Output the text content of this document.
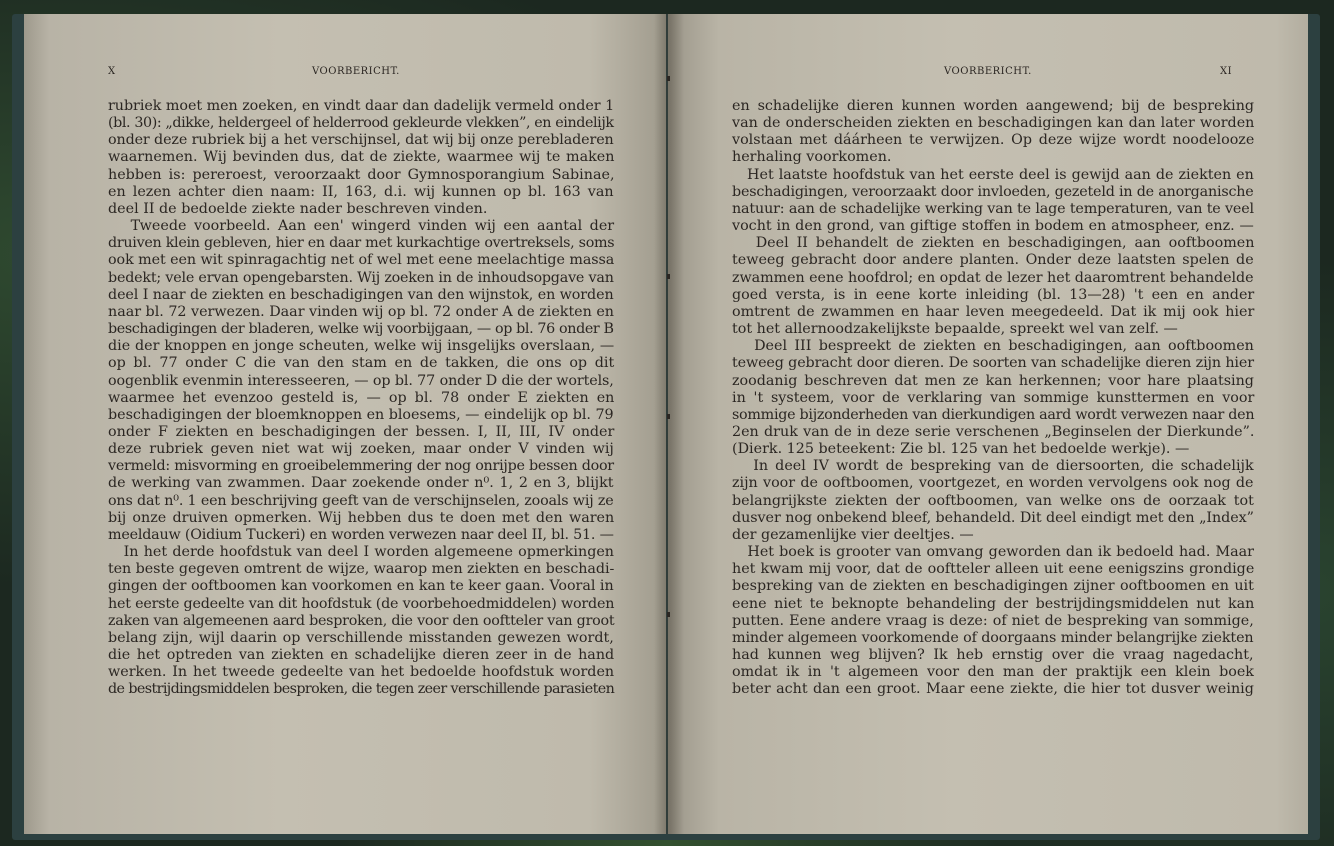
X	VOORBERICHT.
rubriek moet men zoeken, en vindt daar dan dadelijk vermeld onder 1
(bl. 30): „dikke, heldergeel of helderrood gekleurde vlekken”, en eindelijk
onder deze rubriek bij a het verschijnsel, dat wij bij onze perebladeren
waarnemen. Wij bevinden dus, dat de ziekte, waarmee wij te maken
hebben is: pereroest, veroorzaakt door Gymnosporangium Sabinae,
en lezen achter dien naam: II, 163, d.i. wij kunnen op bl. 163 van
deel II de bedoelde ziekte nader beschreven vinden.
Tweede voorbeeld. Aan een' wingerd vinden wij een aantal der
druiven klein gebleven, hier en daar met kurkachtige overtreksels, soms
ook met een wit spinragachtig net of wel met eene meelachtige massa
bedekt; vele ervan opengebarsten. Wij zoeken in de inhoudsopgave van
deel I naar de ziekten en beschadigingen van den wijnstok, en worden
naar bl. 72 verwezen. Daar vinden wij op bl. 72 onder A de ziekten en
beschadigingen der bladeren, welke wij voorbijgaan, — op bl. 76 onder B
die der knoppen en jonge scheuten, welke wij insgelijks overslaan, —
op bl. 77 onder C die van den stam en de takken, die ons op dit
oogenblik evenmin interesseeren, — op bl. 77 onder D die der wortels,
waarmee het evenzoo gesteld is, — op bl. 78 onder E ziekten en
beschadigingen der bloemknoppen en bloesems, — eindelijk op bl. 79
onder F ziekten en beschadigingen der bessen. I, II, III, IV onder
deze rubriek geven niet wat wij zoeken, maar onder V vinden wij
vermeld: misvorming en groeibelemmering der nog onrijpe bessen door
de werking van zwammen. Daar zoekende onder n⁰. 1, 2 en 3, blijkt
ons dat n⁰. 1 een beschrijving geeft van de verschijnselen, zooals wij ze
bij onze druiven opmerken. Wij hebben dus te doen met den waren
meeldauw (Oidium Tuckeri) en worden verwezen naar deel II, bl. 51. —
In het derde hoofdstuk van deel I worden algemeene opmerkingen
ten beste gegeven omtrent de wijze, waarop men ziekten en beschadi-
gingen der ooftboomen kan voorkomen en kan te keer gaan. Vooral in
het eerste gedeelte van dit hoofdstuk (de voorbehoedmiddelen) worden
zaken van algemeenen aard besproken, die voor den ooftteler van groot
belang zijn, wijl daarin op verschillende misstanden gewezen wordt,
die het optreden van ziekten en schadelijke dieren zeer in de hand
werken. In het tweede gedeelte van het bedoelde hoofdstuk worden
de bestrijdingsmiddelen besproken, die tegen zeer verschillende parasieten
VOORBERICHT.	XI
en schadelijke dieren kunnen worden aangewend; bij de bespreking
van de onderscheiden ziekten en beschadigingen kan dan later worden
volstaan met dáárheen te verwijzen. Op deze wijze wordt noodelooze
herhaling voorkomen.
Het laatste hoofdstuk van het eerste deel is gewijd aan de ziekten en
beschadigingen, veroorzaakt door invloeden, gezeteld in de anorganische
natuur: aan de schadelijke werking van te lage temperaturen, van te veel
vocht in den grond, van giftige stoffen in bodem en atmospheer, enz. —
Deel II behandelt de ziekten en beschadigingen, aan ooftboomen
teweeg gebracht door andere planten. Onder deze laatsten spelen de
zwammen eene hoofdrol; en opdat de lezer het daaromtrent behandelde
goed versta, is in eene korte inleiding (bl. 13—28) 't een en ander
omtrent de zwammen en haar leven meegedeeld. Dat ik mij ook hier
tot het allernoodzakelijkste bepaalde, spreekt wel van zelf. —
Deel III bespreekt de ziekten en beschadigingen, aan ooftboomen
teweeg gebracht door dieren. De soorten van schadelijke dieren zijn hier
zoodanig beschreven dat men ze kan herkennen; voor hare plaatsing
in 't systeem, voor de verklaring van sommige kunsttermen en voor
sommige bijzonderheden van dierkundigen aard wordt verwezen naar den
2en druk van de in deze serie verschenen „Beginselen der Dierkunde”.
(Dierk. 125 beteekent: Zie bl. 125 van het bedoelde werkje). —
In deel IV wordt de bespreking van de diersoorten, die schadelijk
zijn voor de ooftboomen, voortgezet, en worden vervolgens ook nog de
belangrijkste ziekten der ooftboomen, van welke ons de oorzaak tot
dusver nog onbekend bleef, behandeld. Dit deel eindigt met den „Index”
der gezamenlijke vier deeltjes. —
Het boek is grooter van omvang geworden dan ik bedoeld had. Maar
het kwam mij voor, dat de ooftteler alleen uit eene eenigszins grondige
bespreking van de ziekten en beschadigingen zijner ooftboomen en uit
eene niet te beknopte behandeling der bestrijdingsmiddelen nut kan
putten. Eene andere vraag is deze: of niet de bespreking van sommige,
minder algemeen voorkomende of doorgaans minder belangrijke ziekten
had kunnen weg blijven? Ik heb ernstig over die vraag nagedacht,
omdat ik in 't algemeen voor den man der praktijk een klein boek
beter acht dan een groot. Maar eene ziekte, die hier tot dusver weinig
